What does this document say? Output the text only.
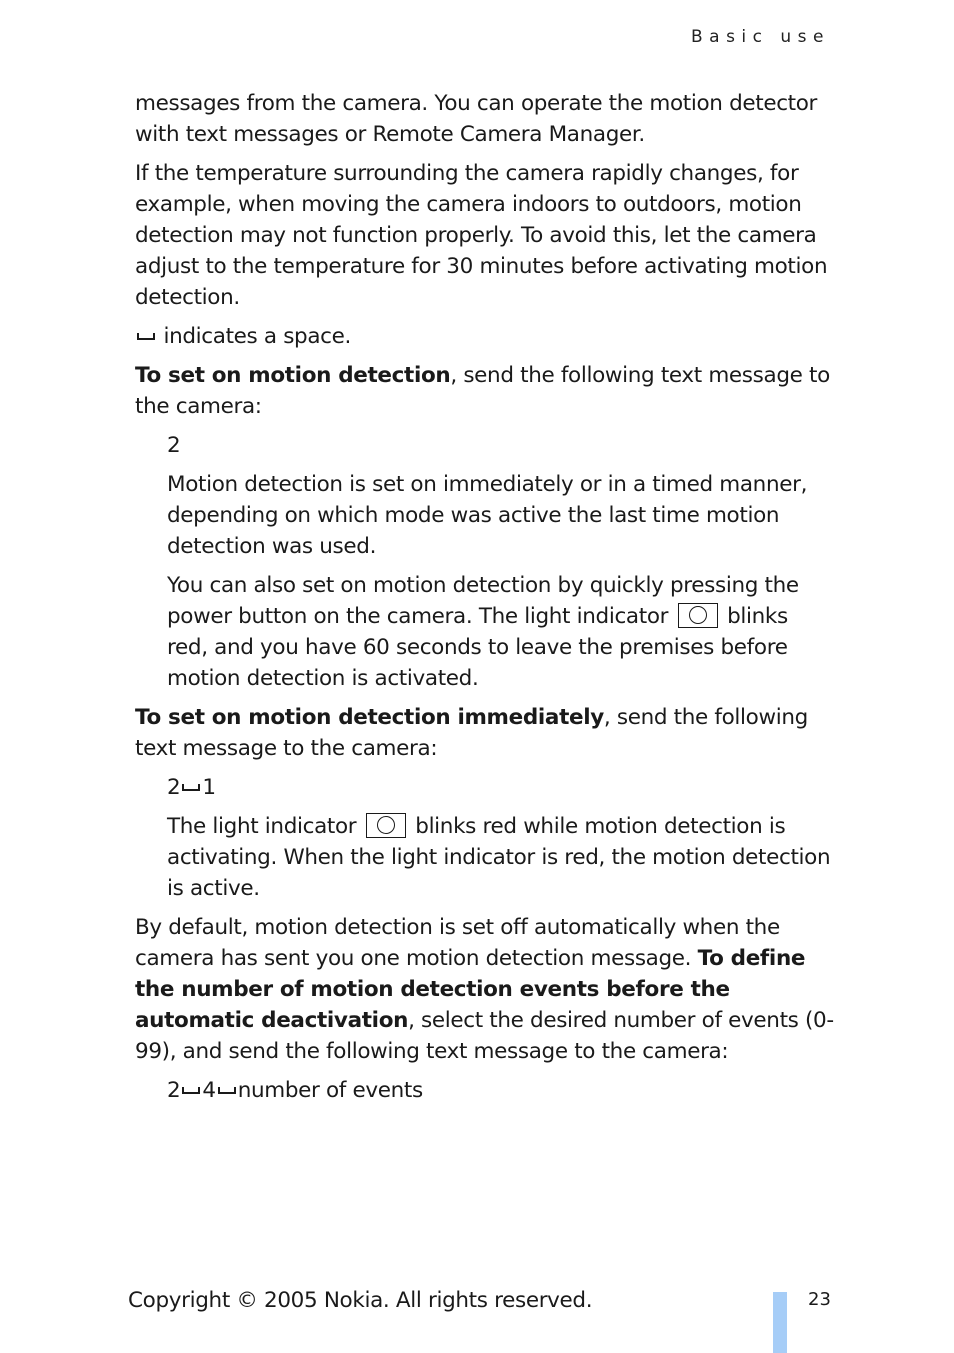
Basic use

messages from the camera. You can operate the motion detector with text messages or Remote Camera Manager.

If the temperature surrounding the camera rapidly changes, for example, when moving the camera indoors to outdoors, motion detection may not function properly. To avoid this, let the camera adjust to the temperature for 30 minutes before activating motion detection.

indicates a space.

To set on motion detection, send the following text message to the camera:

2

Motion detection is set on immediately or in a timed manner, depending on which mode was active the last time motion detection was used.

You can also set on motion detection by quickly pressing the power button on the camera. The light indicator	blinks red, and you have 60 seconds to leave the premises before motion detection is activated.

To set on motion detection immediately, send the following text message to the camera:

2 1

The light indicator	blinks red while motion detection is activating. When the light indicator is red, the motion detection is active.

By default, motion detection is set off automatically when the camera has sent you one motion detection message. To define the number of motion detection events before the automatic deactivation, select the desired number of events (0-99), and send the following text message to the camera:

2 4 number of events

Copyright © 2005 Nokia. All rights reserved.	23
